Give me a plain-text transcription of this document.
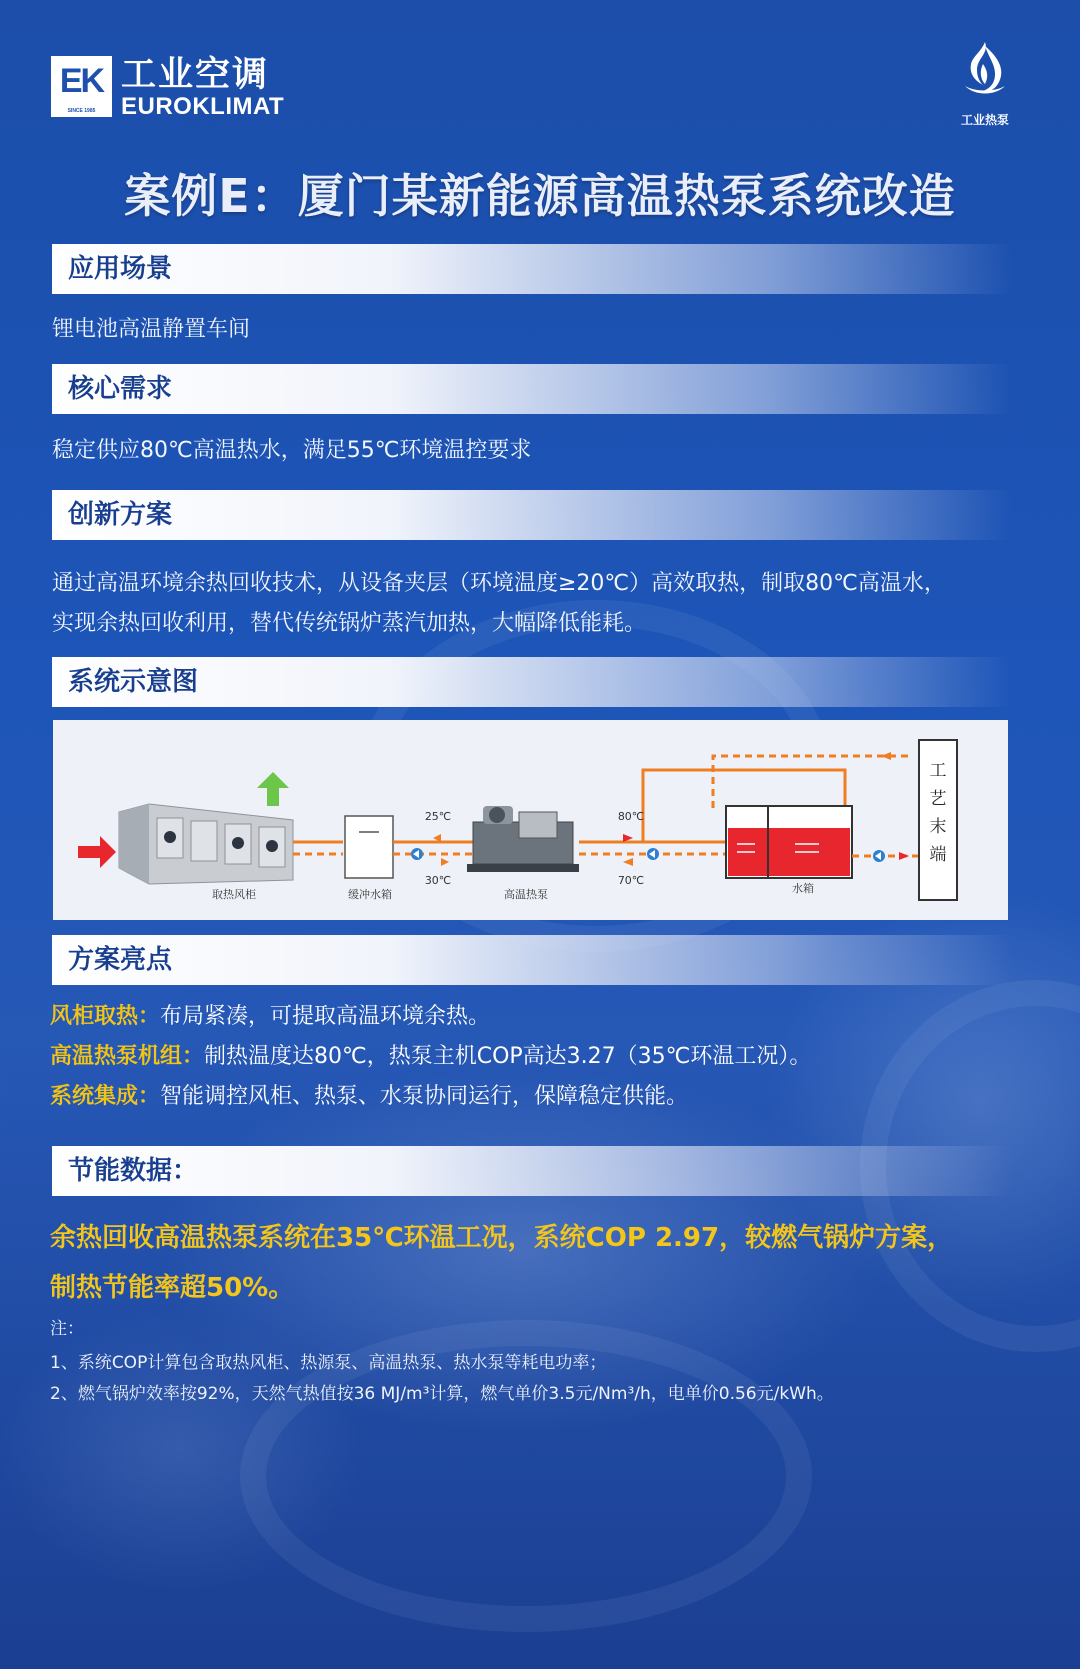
EK
SINCE 1985
工业空调
EUROKLIMAT	工业热泵
案例E：厦门某新能源高温热泵系统改造
应用场景
锂电池高温静置车间
核心需求
稳定供应80℃高温热水，满足55℃环境温控要求
创新方案
通过高温环境余热回收技术，从设备夹层（环境温度≥20℃）高效取热，制取80℃高温水，
实现余热回收利用，替代传统锅炉蒸汽加热，大幅降低能耗。
系统示意图
取热风柜	缓冲水箱	高温热泵	水箱
25℃
30℃
80℃
70℃
工
艺
末
端
方案亮点
风柜取热：布局紧凑，可提取高温环境余热。
高温热泵机组：制热温度达80℃，热泵主机COP高达3.27（35℃环温工况）。
系统集成：智能调控风柜、热泵、水泵协同运行，保障稳定供能。
节能数据：
余热回收高温热泵系统在35℃环温工况，系统COP 2.97，较燃气锅炉方案，
制热节能率超50%。
注：
1、系统COP计算包含取热风柜、热源泵、高温热泵、热水泵等耗电功率；
2、燃气锅炉效率按92%，天然气热值按36 MJ/m³计算，燃气单价3.5元/Nm³/h，电单价0.56元/kWh。
